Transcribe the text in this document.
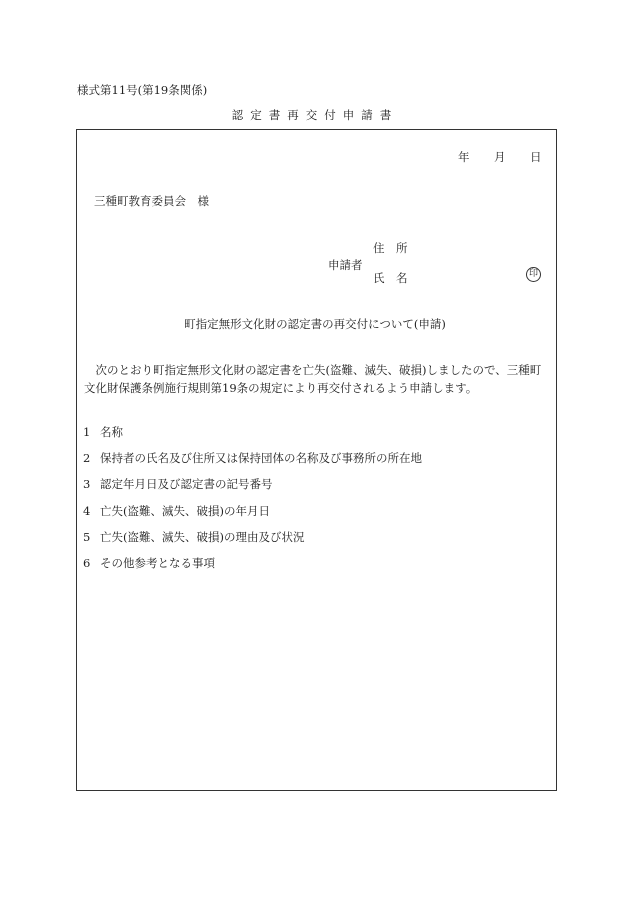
様式第11号(第19条関係)
認定書再交付申請書
年 月 日
三種町教育委員会　様
住　所
申請者
氏　名	印
町指定無形文化財の認定書の再交付について(申請)
次のとおり町指定無形文化財の認定書を亡失(盗難、滅失、破損)しましたので、三種町文化財保護条例施行規則第19条の規定により再交付されるよう申請します。
1 名称
2 保持者の氏名及び住所又は保持団体の名称及び事務所の所在地
3 認定年月日及び認定書の記号番号
4 亡失(盗難、滅失、破損)の年月日
5 亡失(盗難、滅失、破損)の理由及び状況
6 その他参考となる事項
